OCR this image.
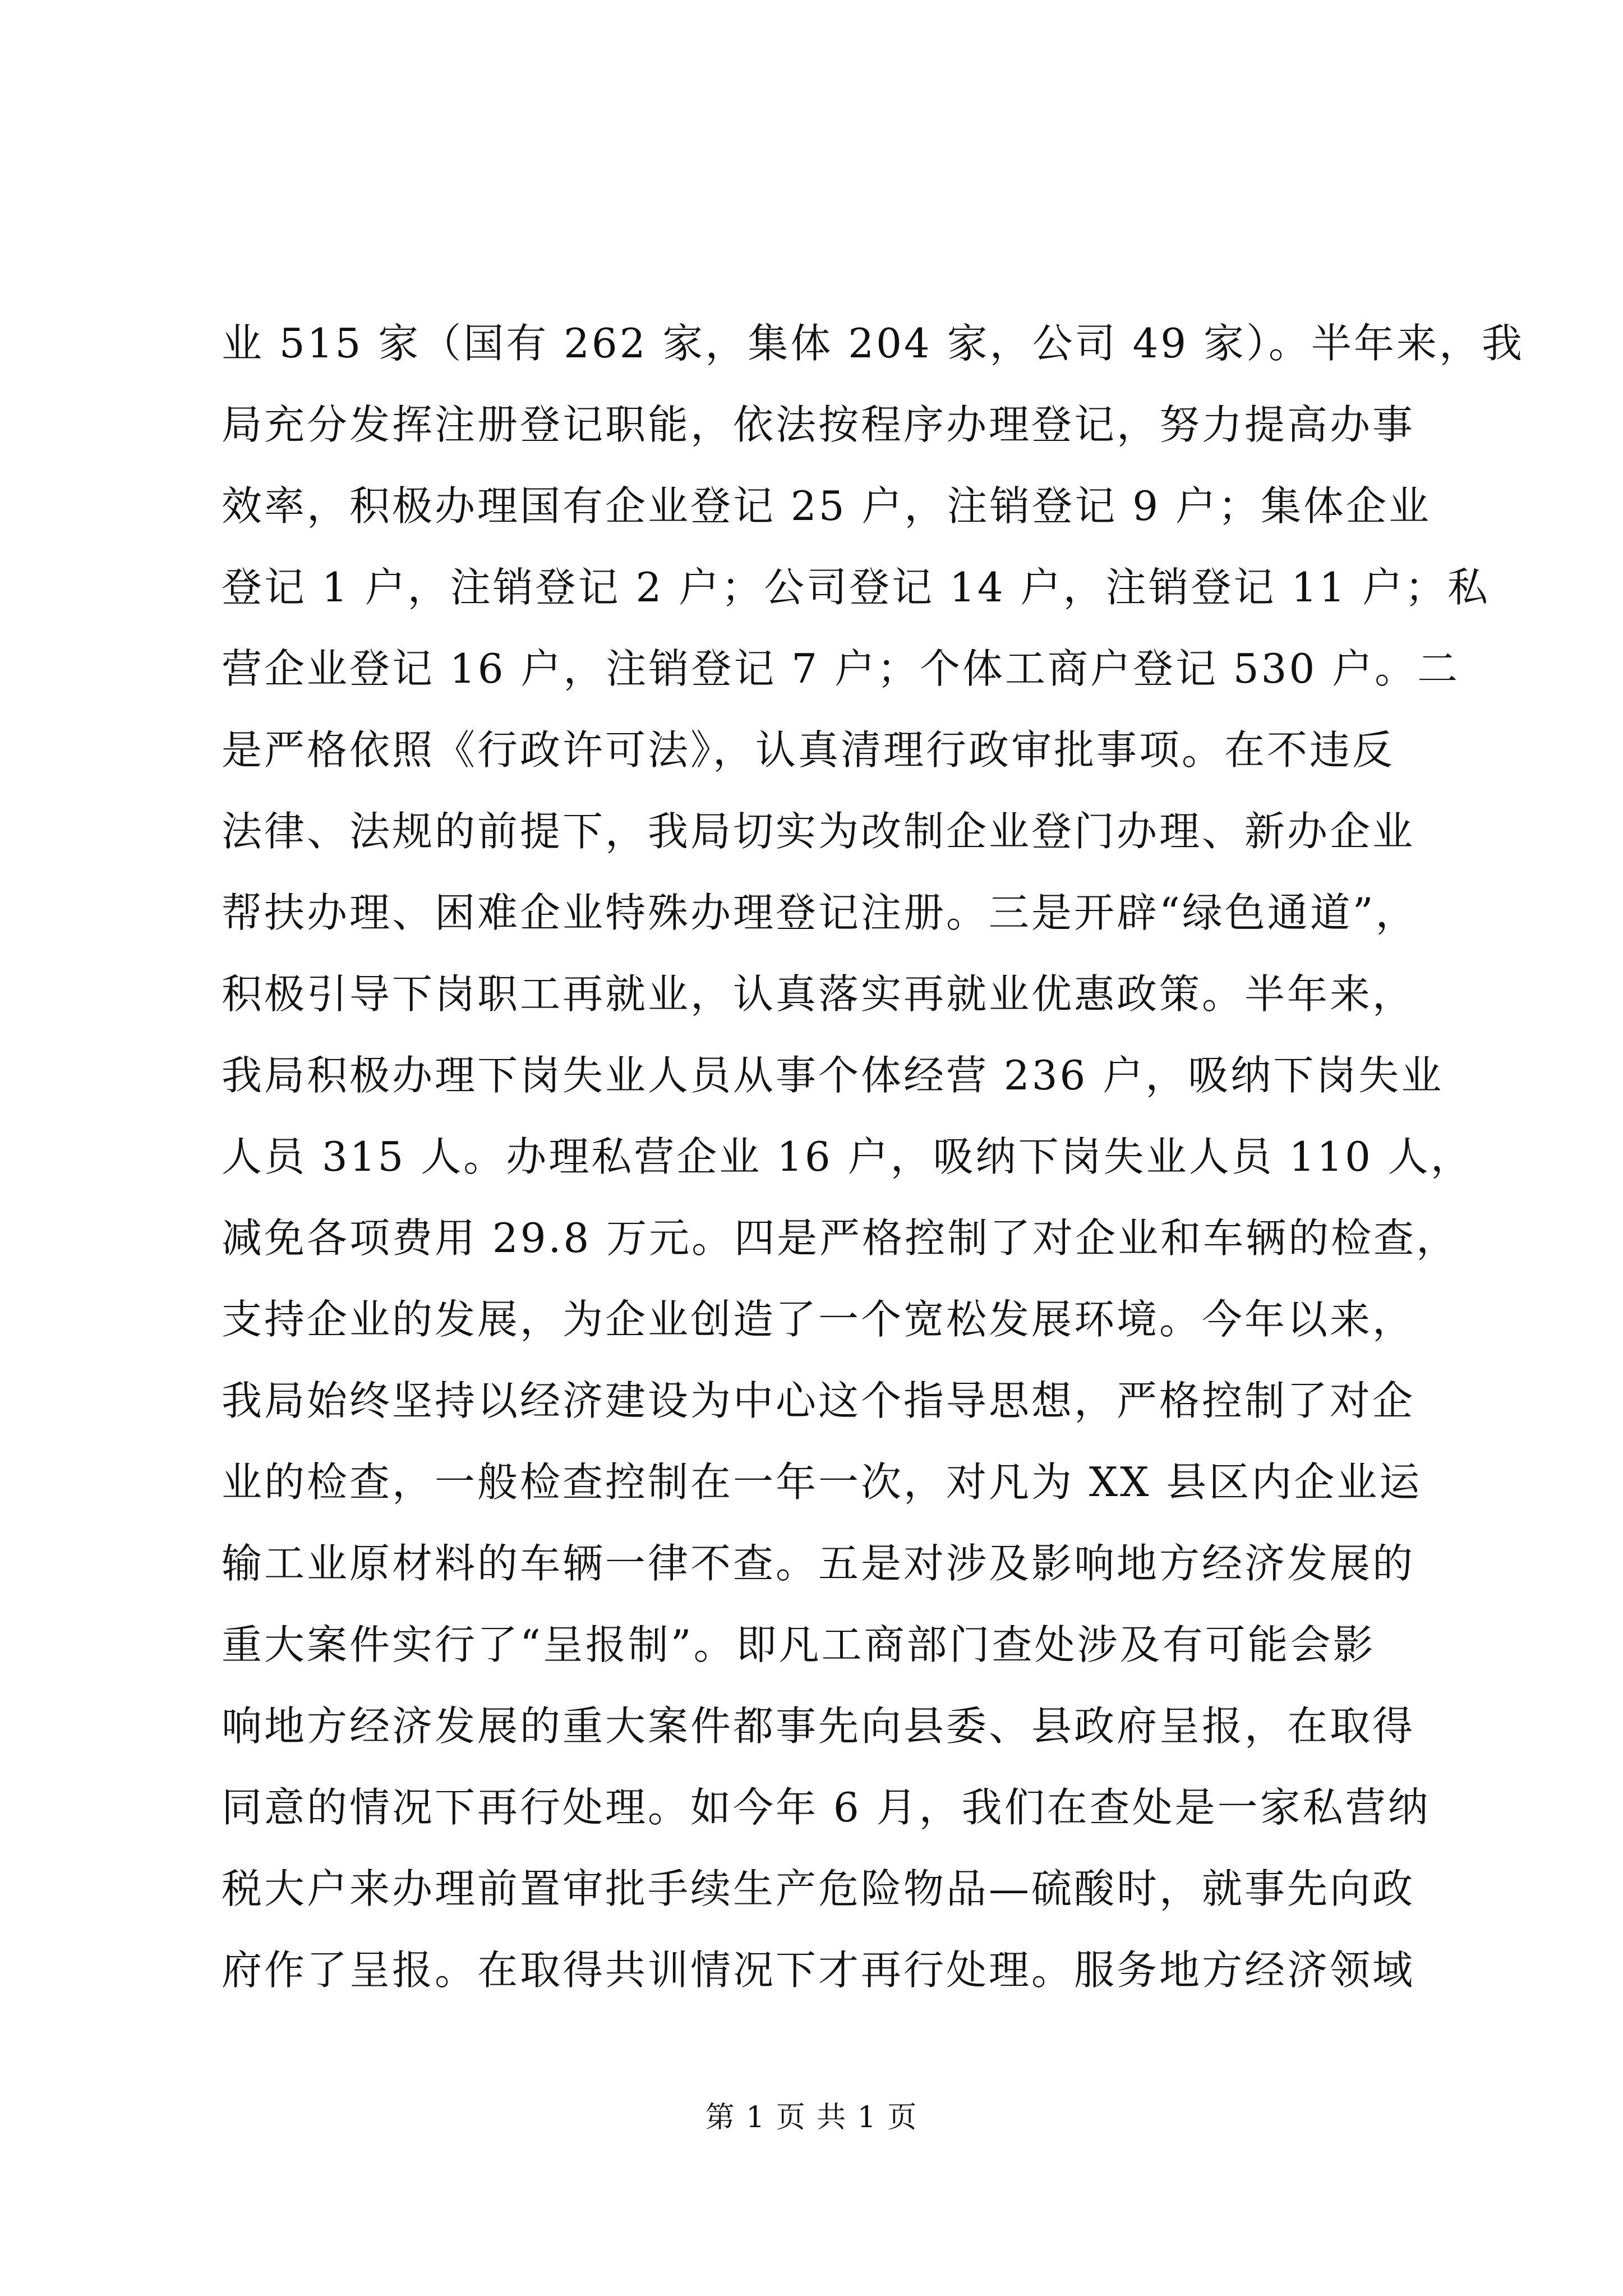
业 515 家（国有 262 家，集体 204 家，公司 49 家）。半年来，我
局充分发挥注册登记职能，依法按程序办理登记，努力提高办事
效率，积极办理国有企业登记 25 户，注销登记 9 户；集体企业
登记 1 户，注销登记 2 户；公司登记 14 户，注销登记 11 户；私
营企业登记 16 户，注销登记 7 户；个体工商户登记 530 户。二
是严格依照《行政许可法》，认真清理行政审批事项。在不违反
法律、法规的前提下，我局切实为改制企业登门办理、新办企业
帮扶办理、困难企业特殊办理登记注册。三是开辟“绿色通道”，
积极引导下岗职工再就业，认真落实再就业优惠政策。半年来，
我局积极办理下岗失业人员从事个体经营 236 户，吸纳下岗失业
人员 315 人。办理私营企业 16 户，吸纳下岗失业人员 110 人，
减免各项费用 29.8 万元。四是严格控制了对企业和车辆的检查，
支持企业的发展，为企业创造了一个宽松发展环境。今年以来，
我局始终坚持以经济建设为中心这个指导思想，严格控制了对企
业的检查，一般检查控制在一年一次，对凡为 XX 县区内企业运
输工业原材料的车辆一律不查。五是对涉及影响地方经济发展的
重大案件实行了“呈报制”。即凡工商部门查处涉及有可能会影
响地方经济发展的重大案件都事先向县委、县政府呈报，在取得
同意的情况下再行处理。如今年 6 月，我们在查处是一家私营纳
税大户来办理前置审批手续生产危险物品—硫酸时，就事先向政
府作了呈报。在取得共训情况下才再行处理。服务地方经济领域
第 1 页 共 1 页
